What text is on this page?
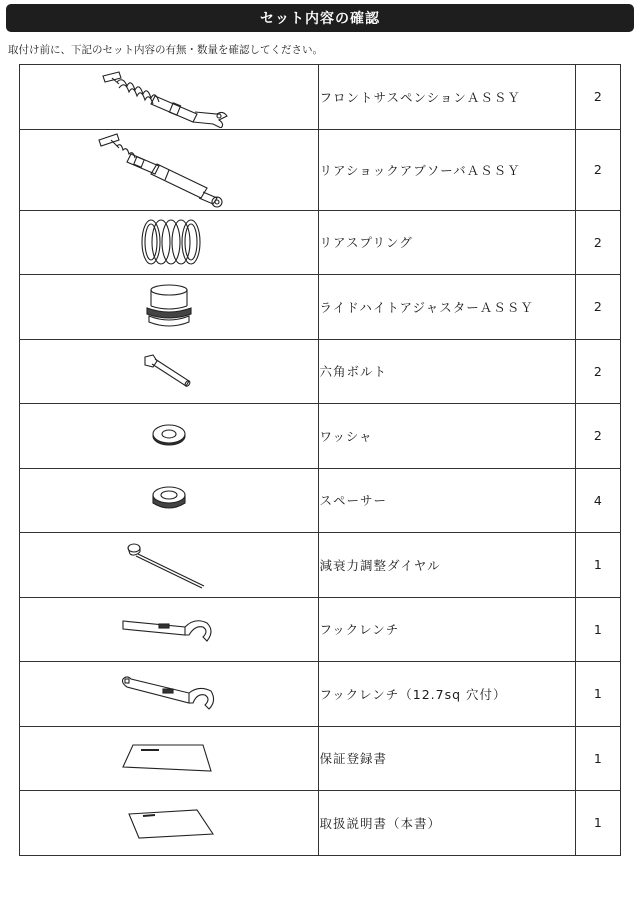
セット内容の確認
取付け前に、下記のセット内容の有無・数量を確認してください。
	フロントサスペンションＡＳＳＹ	2

	リアショックアブソーバＡＳＳＹ	2

	リアスプリング	2

	ライドハイトアジャスターＡＳＳＹ	2

	六角ボルト	2

	ワッシャ	2

	スペーサー	4

	減衰力調整ダイヤル	1

	フックレンチ	1

	フックレンチ（12.7sq 穴付）	1

	保証登録書	1

	取扱説明書（本書）	1
